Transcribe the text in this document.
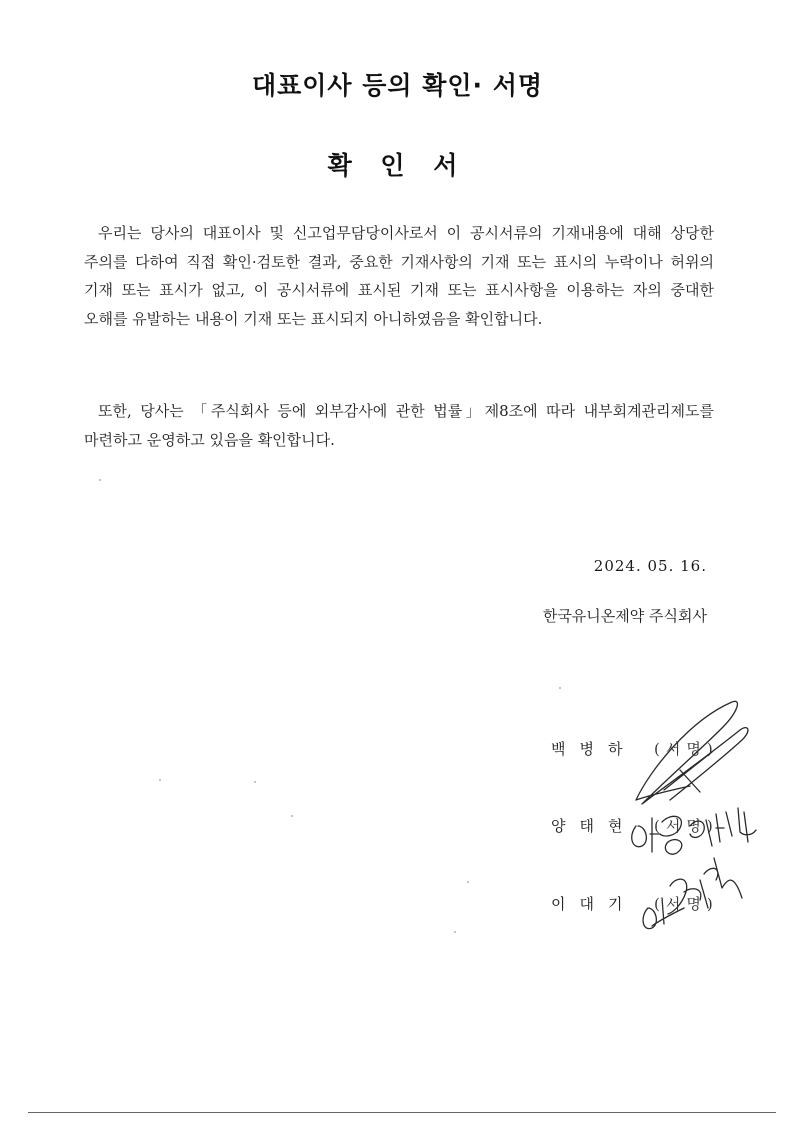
대표이사 등의 확인· 서명
확 인 서
우리는 당사의 대표이사 및 신고업무담당이사로서 이 공시서류의 기재내용에 대해 상당한 주의를 다하여 직접 확인·검토한 결과, 중요한 기재사항의 기재 또는 표시의 누락이나 허위의 기재 또는 표시가 없고, 이 공시서류에 표시된 기재 또는 표시사항을 이용하는 자의 중대한 오해를 유발하는 내용이 기재 또는 표시되지 아니하였음을 확인합니다.
또한, 당사는 「주식회사 등에 외부감사에 관한 법률」제8조에 따라 내부회계관리제도를 마련하고 운영하고 있음을 확인합니다.
2024. 05. 16.
한국유니온제약 주식회사
백병하 (서명)
양태현 (서명)
이대기 (서명)
